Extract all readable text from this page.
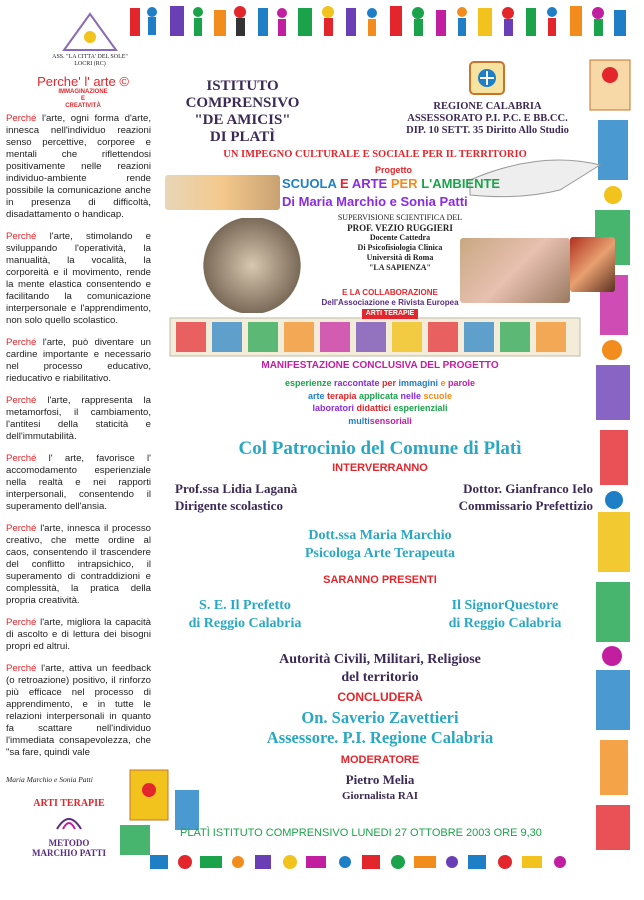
ASS. "LA CITTA' DEL SOLE"
LOCRI (RC)
Perche' l' arte ©
IMMAGINAZIONE
E
CREATIVITÀ

Perché l'arte, ogni forma d'arte, innesca nell'individuo reazioni senso percettive, corporee e mentali che riflettendosi positivamente nelle reazioni individuo-ambiente rende possibile la comunicazione anche in presenza di difficoltà, disadattamento o handicap.

Perché l'arte, stimolando e sviluppando l'operatività, la manualità, la vocalità, la corporeità e il movimento, rende la mente elastica consentendo e facilitando la comunicazione interpersonale e l'apprendimento, non solo quello scolastico.

Perché l'arte, può diventare un cardine importante e necessario nel processo educativo, rieducativo e riabilitativo.

Perché l'arte, rappresenta la metamorfosi, il cambiamento, l'antitesi della staticità e dell'immutabilità.

Perché l' arte, favorisce l' accomodamento esperienziale nella realtà e nei rapporti interpersonali, consentendo il superamento dell'ansia.

Perché l'arte, innesca il processo creativo, che mette ordine al caos, consentendo il trascendere del conflitto intrapsichico, il superamento di contraddizioni e complessità, la pratica della propria creatività.

Perché l'arte, migliora la capacità di ascolto e di lettura dei bisogni propri ed altrui.

Perché l'arte, attiva un feedback (o retroazione) positivo, il rinforzo più efficace nel processo di apprendimento, e in tutte le relazioni interpersonali in quanto fa scattare nell'individuo l'immediata consapevolezza, che "sa fare, quindi vale

Maria Marchio e Sonia Patti
ARTI TERAPIE
METODO
MARCHIO PATTI
ISTITUTO COMPRENSIVO
"DE AMICIS"
DI PLATÌ
REGIONE CALABRIA
ASSESSORATO P.I. P.C. E BB.CC.
DIP. 10 SETT. 35 Diritto Allo Studio
UN IMPEGNO CULTURALE E SOCIALE PER IL TERRITORIO
Progetto
SCUOLA E ARTE PER L'AMBIENTE
Di Maria Marchio e Sonia Patti
SUPERVISIONE SCIENTIFICA DEL
PROF. VEZIO RUGGIERI
Docente Cattedra
Di Psicofisiologia Clinica
Università di Roma
"LA SAPIENZA"
E LA COLLABORAZIONE
Dell'Associazione e Rivista Europea
ARTI TERAPIE
MANIFESTAZIONE CONCLUSIVA DEL PROGETTO
esperienze raccontate per immagini e parole
arte terapia applicata nelle scuole
laboratori didattici esperienziali
multisensoriali
Col Patrocinio del Comune di Platì
INTERVERRANNO
Prof.ssa Lidia Laganà
Dirigente scolastico
Dottor. Gianfranco Ielo
Commissario Prefettizio
Dott.ssa Maria Marchio
Psicologa Arte Terapeuta
SARANNO PRESENTI
S. E. Il Prefetto
di Reggio Calabria
Il SignorQuestore
di Reggio Calabria
Autorità Civili, Militari, Religiose
del territorio
CONCLUDERÀ
On. Saverio Zavettieri
Assessore. P.I. Regione Calabria
MODERATORE
Pietro Melia
Giornalista RAI
PLATÌ ISTITUTO COMPRENSIVO LUNEDI 27 OTTOBRE 2003 ORE 9,30
